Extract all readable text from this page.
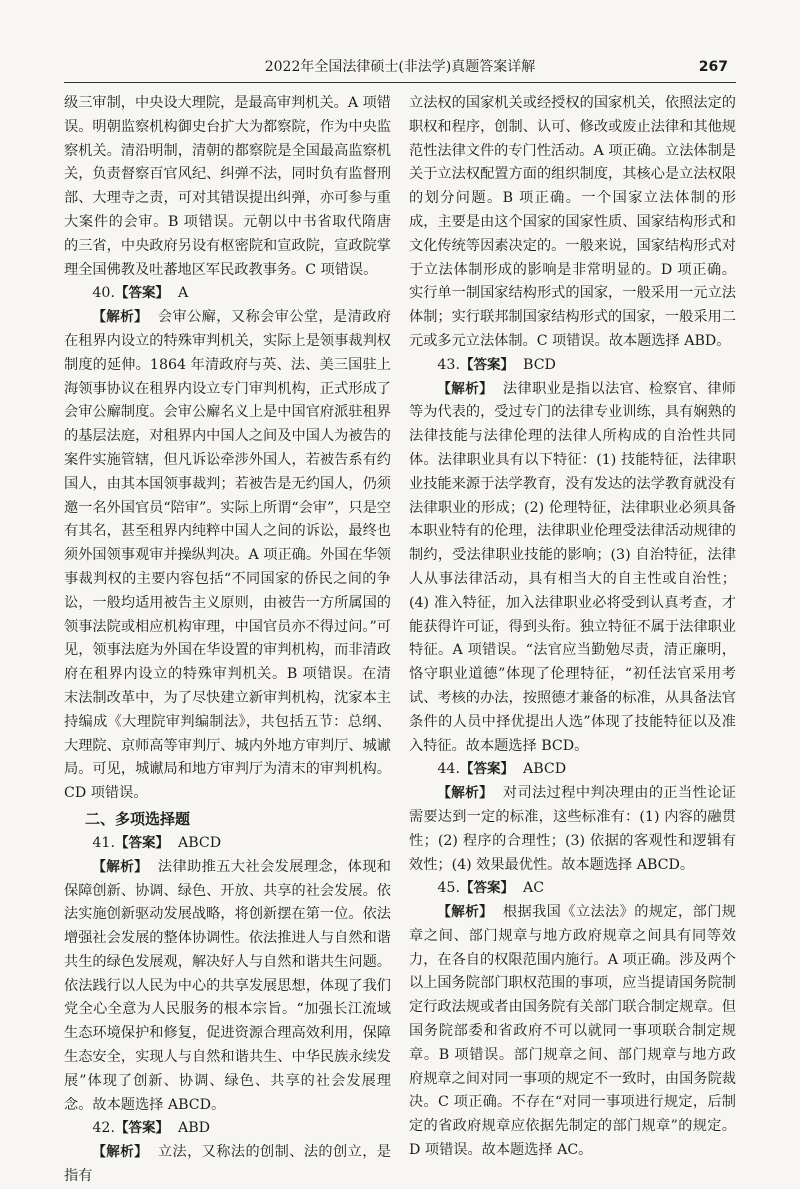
2022年全国法律硕士(非法学)真题答案详解	267

级三审制，中央设大理院，是最高审判机关。A 项错误。明朝监察机构御史台扩大为都察院，作为中央监察机关。清沿明制，清朝的都察院是全国最高监察机关，负责督察百官风纪、纠弹不法，同时负有监督刑部、大理寺之责，可对其错误提出纠弹，亦可参与重大案件的会审。B 项错误。元朝以中书省取代隋唐的三省，中央政府另设有枢密院和宣政院，宣政院掌理全国佛教及吐蕃地区军民政教事务。C 项错误。

40.【答案】 A

【解析】 会审公廨，又称会审公堂，是清政府在租界内设立的特殊审判机关，实际上是领事裁判权制度的延伸。1864 年清政府与英、法、美三国驻上海领事协议在租界内设立专门审判机构，正式形成了会审公廨制度。会审公廨名义上是中国官府派驻租界的基层法庭，对租界内中国人之间及中国人为被告的案件实施管辖，但凡诉讼牵涉外国人，若被告系有约国人，由其本国领事裁判；若被告是无约国人，仍须邀一名外国官员“陪审”。实际上所谓“会审”，只是空有其名，甚至租界内纯粹中国人之间的诉讼，最终也须外国领事观审并操纵判决。A 项正确。外国在华领事裁判权的主要内容包括“不同国家的侨民之间的争讼，一般均适用被告主义原则，由被告一方所属国的领事法院或相应机构审理，中国官员亦不得过问。”可见，领事法庭为外国在华设置的审判机构，而非清政府在租界内设立的特殊审判机关。B 项错误。在清末法制改革中，为了尽快建立新审判机构，沈家本主持编成《大理院审判编制法》，共包括五节：总纲、大理院、京师高等审判厅、城内外地方审判厅、城谳局。可见，城谳局和地方审判厅为清末的审判机构。CD 项错误。

二、多项选择题

41.【答案】 ABCD

【解析】 法律助推五大社会发展理念，体现和保障创新、协调、绿色、开放、共享的社会发展。依法实施创新驱动发展战略，将创新摆在第一位。依法增强社会发展的整体协调性。依法推进人与自然和谐共生的绿色发展观，解决好人与自然和谐共生问题。依法践行以人民为中心的共享发展思想，体现了我们党全心全意为人民服务的根本宗旨。“加强长江流域生态环境保护和修复，促进资源合理高效利用，保障生态安全，实现人与自然和谐共生、中华民族永续发展”体现了创新、协调、绿色、共享的社会发展理念。故本题选择 ABCD。

42.【答案】 ABD

【解析】 立法，又称法的创制、法的创立，是指有

立法权的国家机关或经授权的国家机关，依照法定的职权和程序，创制、认可、修改或废止法律和其他规范性法律文件的专门性活动。A 项正确。立法体制是关于立法权配置方面的组织制度，其核心是立法权限的划分问题。B 项正确。一个国家立法体制的形成，主要是由这个国家的国家性质、国家结构形式和文化传统等因素决定的。一般来说，国家结构形式对于立法体制形成的影响是非常明显的。D 项正确。实行单一制国家结构形式的国家，一般采用一元立法体制；实行联邦制国家结构形式的国家，一般采用二元或多元立法体制。C 项错误。故本题选择 ABD。

43.【答案】 BCD

【解析】 法律职业是指以法官、检察官、律师等为代表的，受过专门的法律专业训练，具有娴熟的法律技能与法律伦理的法律人所构成的自治性共同体。法律职业具有以下特征：(1) 技能特征，法律职业技能来源于法学教育，没有发达的法学教育就没有法律职业的形成；(2) 伦理特征，法律职业必须具备本职业特有的伦理，法律职业伦理受法律活动规律的制约，受法律职业技能的影响；(3) 自治特征，法律人从事法律活动，具有相当大的自主性或自治性；(4) 准入特征，加入法律职业必将受到认真考查，才能获得许可证，得到头衔。独立特征不属于法律职业特征。A 项错误。“法官应当勤勉尽责，清正廉明，恪守职业道德”体现了伦理特征，“初任法官采用考试、考核的办法，按照德才兼备的标准，从具备法官条件的人员中择优提出人选”体现了技能特征以及准入特征。故本题选择 BCD。

44.【答案】 ABCD

【解析】 对司法过程中判决理由的正当性论证需要达到一定的标准，这些标准有：(1) 内容的融贯性；(2) 程序的合理性；(3) 依据的客观性和逻辑有效性；(4) 效果最优性。故本题选择 ABCD。

45.【答案】 AC

【解析】 根据我国《立法法》的规定，部门规章之间、部门规章与地方政府规章之间具有同等效力，在各自的权限范围内施行。A 项正确。涉及两个以上国务院部门职权范围的事项，应当提请国务院制定行政法规或者由国务院有关部门联合制定规章。但国务院部委和省政府不可以就同一事项联合制定规章。B 项错误。部门规章之间、部门规章与地方政府规章之间对同一事项的规定不一致时，由国务院裁决。C 项正确。不存在“对同一事项进行规定，后制定的省政府规章应依据先制定的部门规章”的规定。D 项错误。故本题选择 AC。
